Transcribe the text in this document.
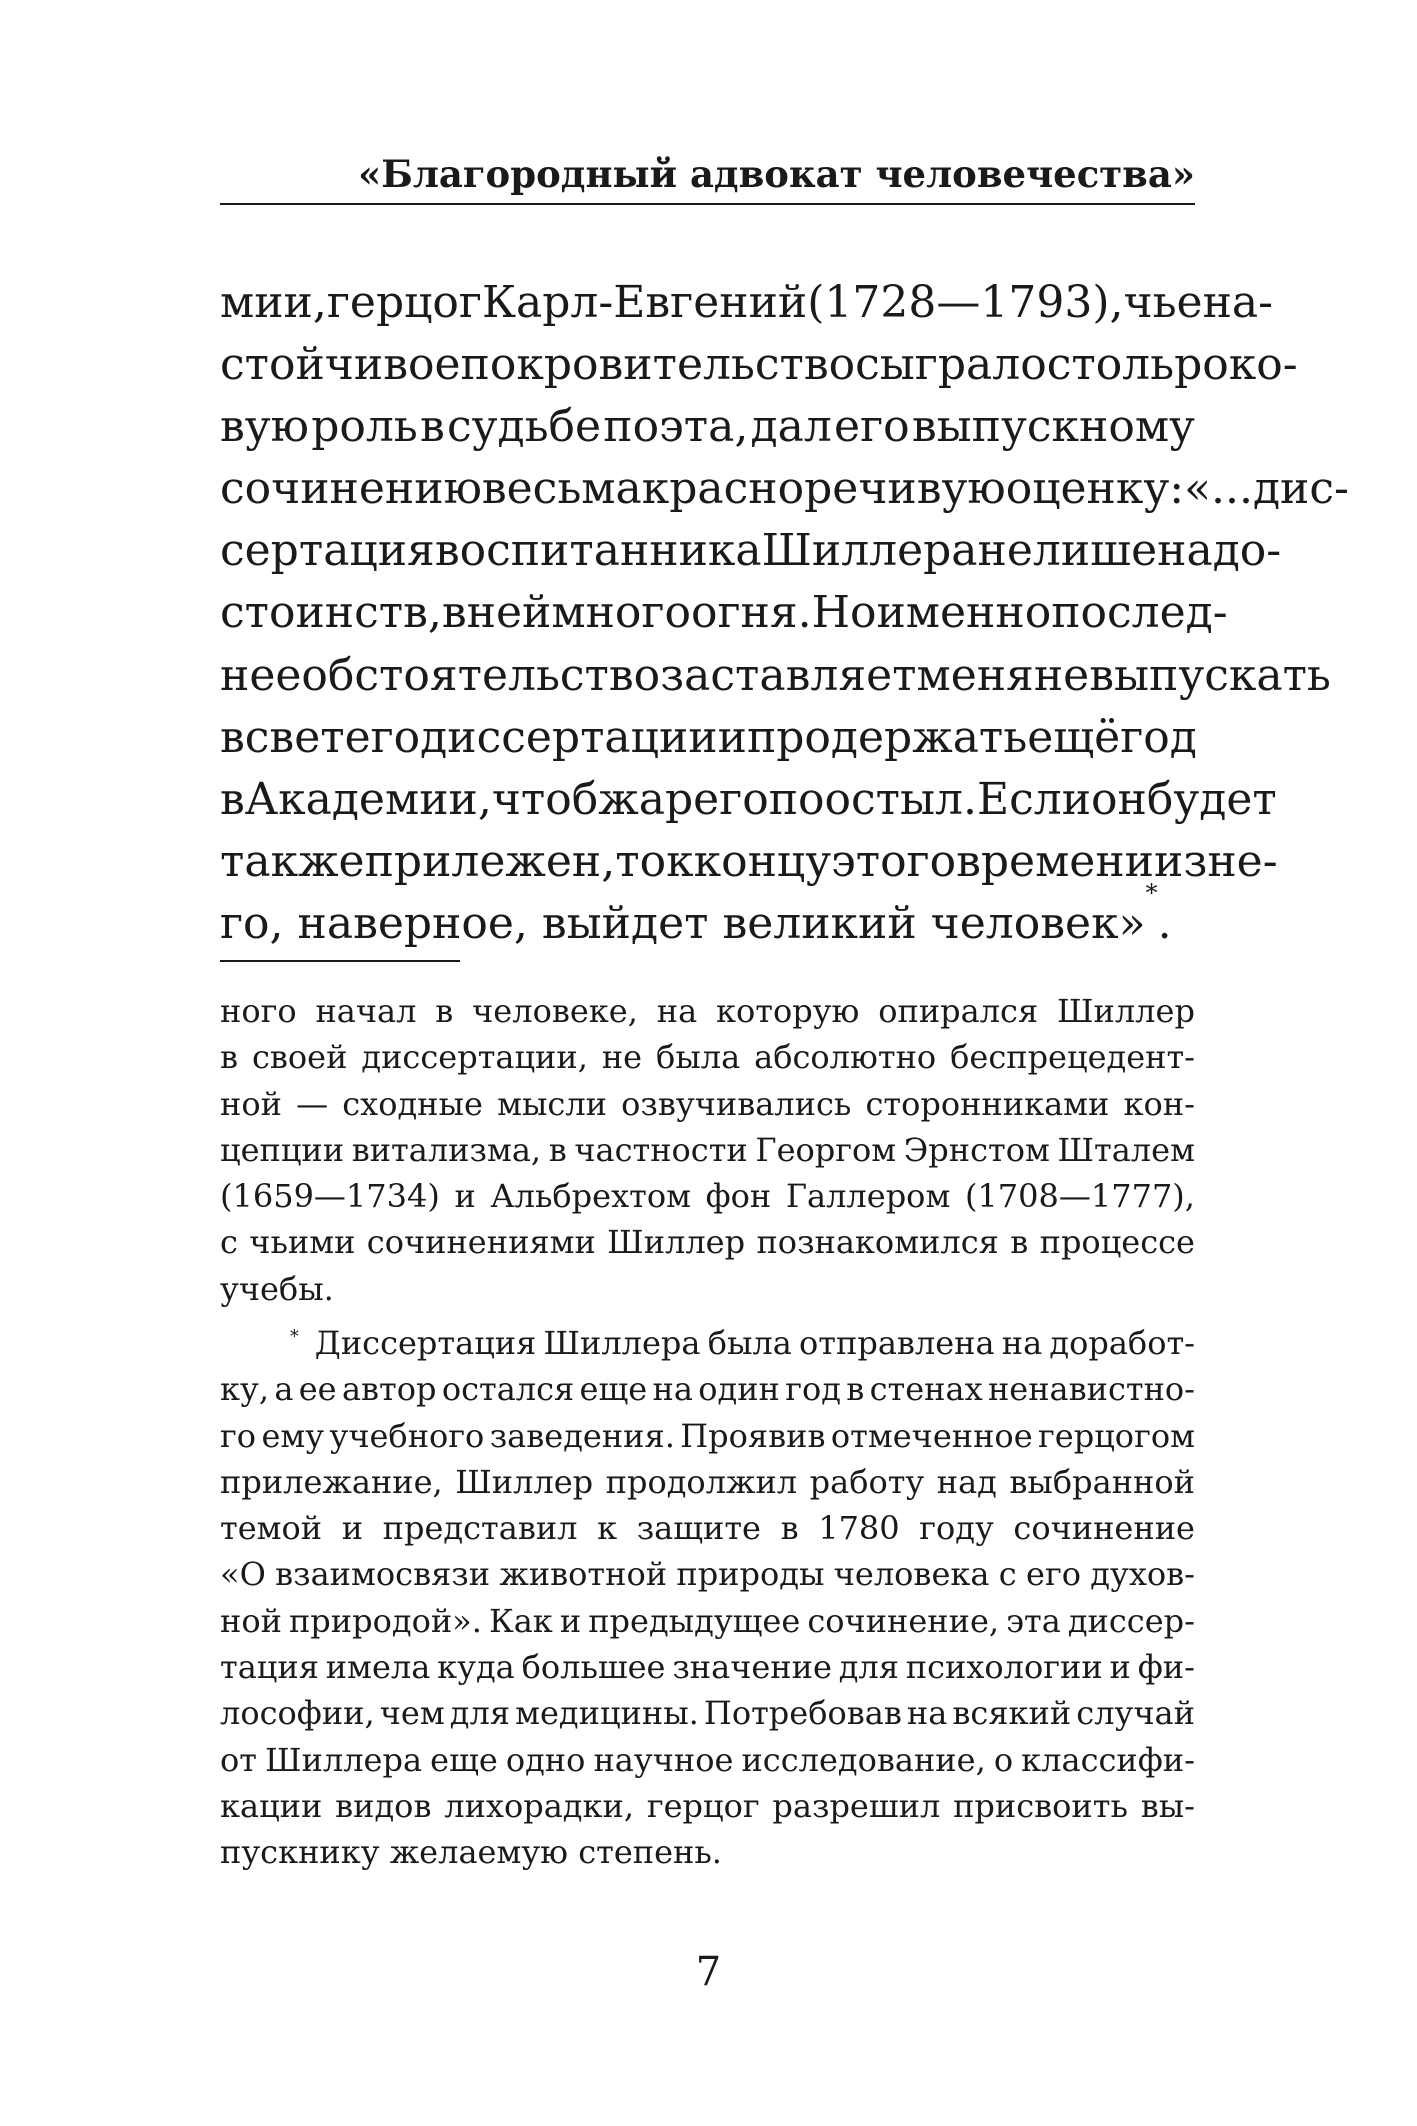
«Благородный адвокат человечества»
мии, герцог Карл-Евгений (1728—1793), чье на-
стойчивое покровительство сыграло столь роко-
вую роль в судьбе поэта, дал его выпускному
сочинению весьма красноречивую оценку: «...дис-
сертация воспитанника Шиллера не лишена до-
стоинств, в ней много огня. Но именно послед-
нее обстоятельство заставляет меня не выпускать
в свет его диссертации и продержать ещё год
в Академии, чтоб жар его поостыл. Если он будет
так же прилежен, то к концу этого времени из не-
го, наверное, выйдет великий человек»
*
.
ного начал в человеке, на которую опирался Шиллер
в своей диссертации, не была абсолютно беспрецедент-
ной — сходные мысли озвучивались сторонниками кон-
цепции витализма, в частности Георгом Эрнстом Шталем
(1659—1734) и Альбрехтом фон Галлером (1708—1777),
с чьими сочинениями Шиллер познакомился в процессе
учебы.
* Диссертация Шиллера была отправлена на доработ-
ку, а ее автор остался еще на один год в стенах ненавистно-
го ему учебного заведения. Проявив отмеченное герцогом
прилежание, Шиллер продолжил работу над выбранной
темой и представил к защите в 1780 году сочинение
«О взаимосвязи животной природы человека с его духов-
ной природой». Как и предыдущее сочинение, эта диссер-
тация имела куда большее значение для психологии и фи-
лософии, чем для медицины. Потребовав на всякий случай
от Шиллера еще одно научное исследование, о классифи-
кации видов лихорадки, герцог разрешил присвоить вы-
пускнику желаемую степень.
7
